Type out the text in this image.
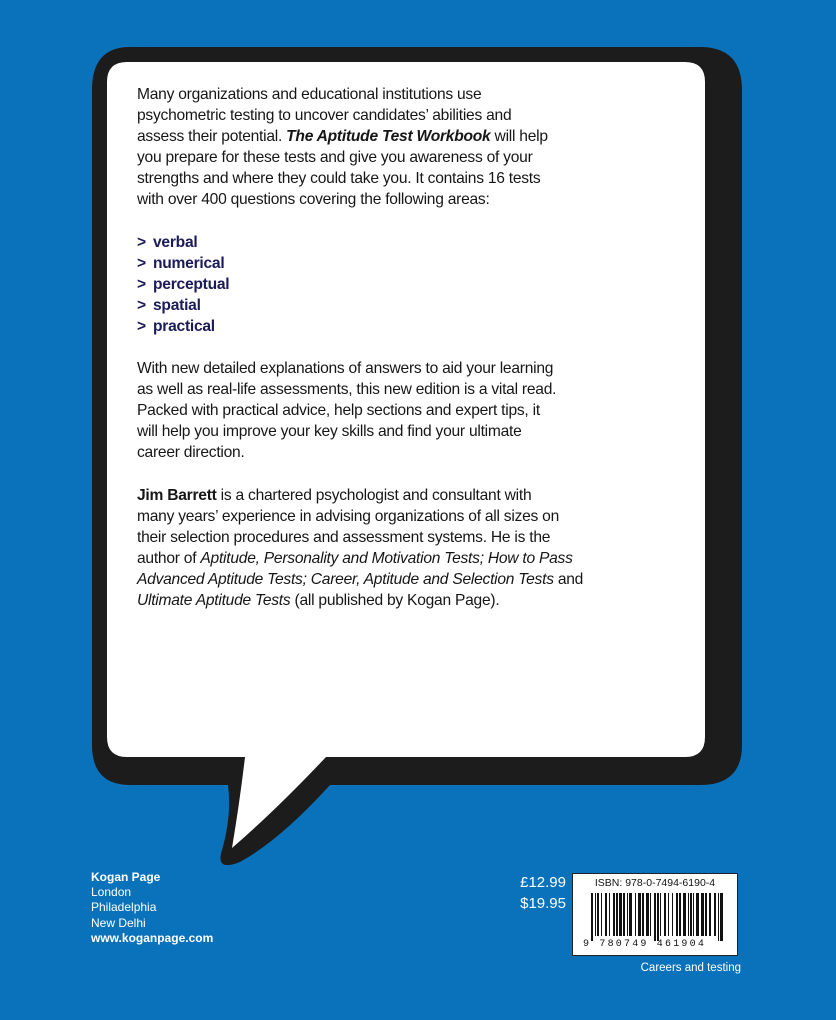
Many organizations and educational institutions use
psychometric testing to uncover candidates’ abilities and
assess their potential. The Aptitude Test Workbook will help
you prepare for these tests and give you awareness of your
strengths and where they could take you. It contains 16 tests
with over 400 questions covering the following areas:
> verbal
> numerical
> perceptual
> spatial
> practical
With new detailed explanations of answers to aid your learning
as well as real-life assessments, this new edition is a vital read.
Packed with practical advice, help sections and expert tips, it
will help you improve your key skills and find your ultimate
career direction.
Jim Barrett is a chartered psychologist and consultant with
many years’ experience in advising organizations of all sizes on
their selection procedures and assessment systems. He is the
author of Aptitude, Personality and Motivation Tests; How to Pass
Advanced Aptitude Tests; Career, Aptitude and Selection Tests and
Ultimate Aptitude Tests (all published by Kogan Page).
Kogan Page
London
Philadelphia
New Delhi
www.koganpage.com
£12.99
$19.95
ISBN: 978-0-7494-6190-4
9 780749 461904
Careers and testing
